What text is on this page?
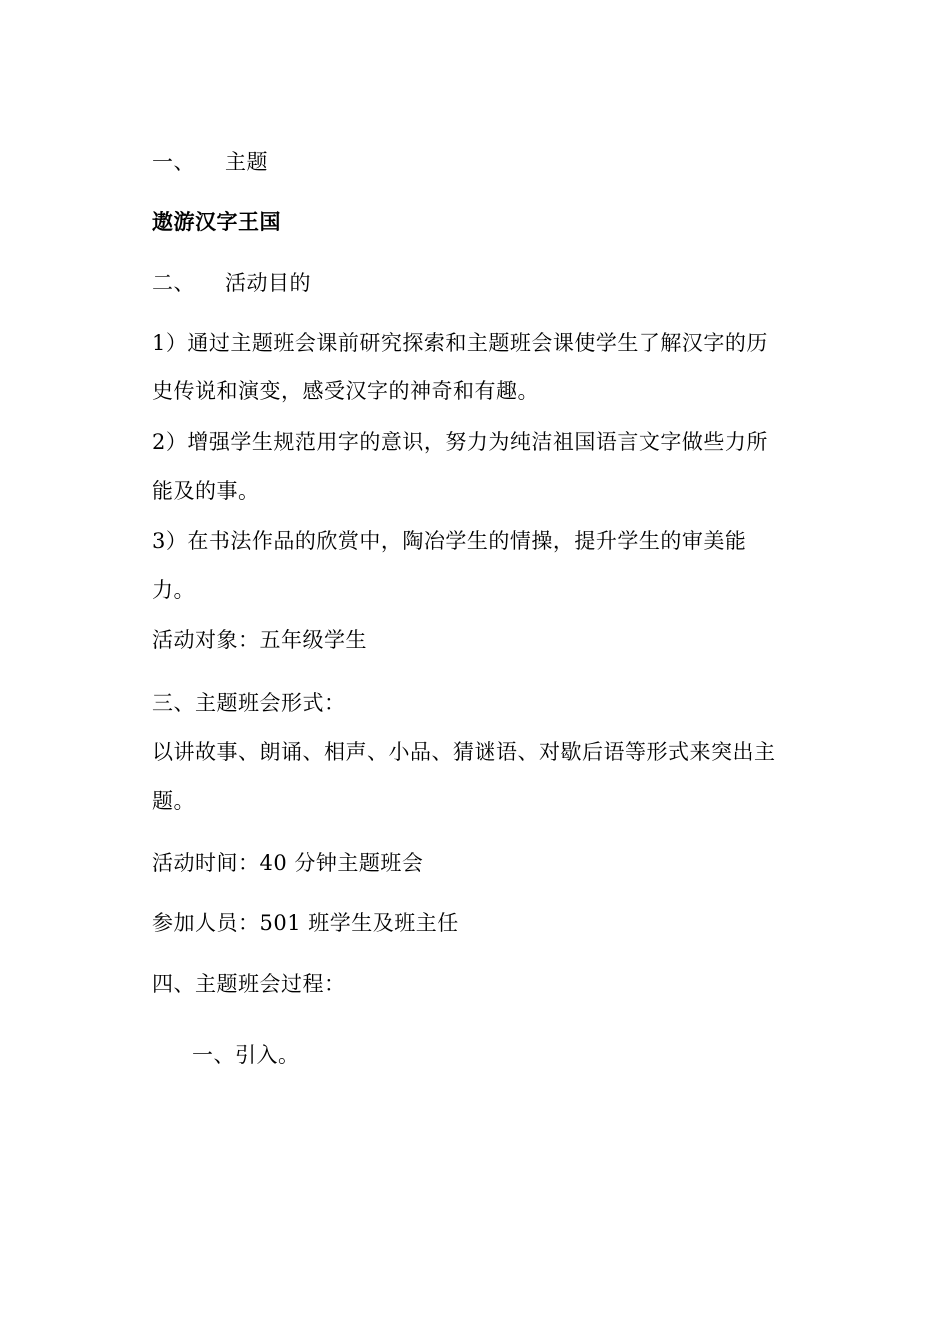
一、 主题
遨游汉字王国
二、 活动目的
1）通过主题班会课前研究探索和主题班会课使学生了解汉字的历
史传说和演变，感受汉字的神奇和有趣。
2）增强学生规范用字的意识，努力为纯洁祖国语言文字做些力所
能及的事。
3）在书法作品的欣赏中，陶冶学生的情操，提升学生的审美能
力。
活动对象：五年级学生
三、主题班会形式：
以讲故事、朗诵、相声、小品、猜谜语、对歇后语等形式来突出主
题。
活动时间：40 分钟主题班会
参加人员：501 班学生及班主任
四、主题班会过程：
一、引入。
